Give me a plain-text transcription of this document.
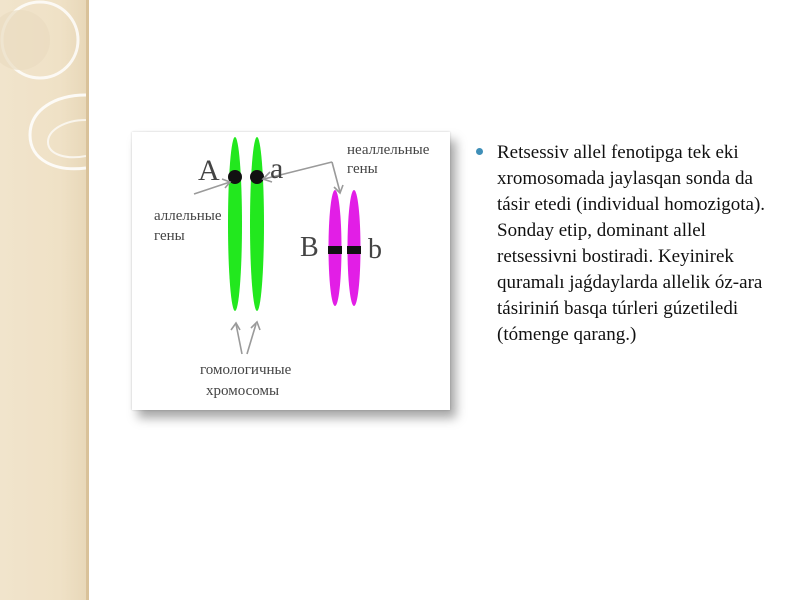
A a
B b
неаллельные
гены
аллельные
гены
гомологичные
хромосомы
Retsessiv allel fenotipga tek eki xromosomada jaylasqan sonda da tásir etedi (individual homozigota). Sonday etip, dominant allel retsessivni bostiradi. Keyinirek quramalı jaǵdaylarda allelik óz-ara tásiriniń basqa túrleri gúzetiledi (tómenge qarang.)
